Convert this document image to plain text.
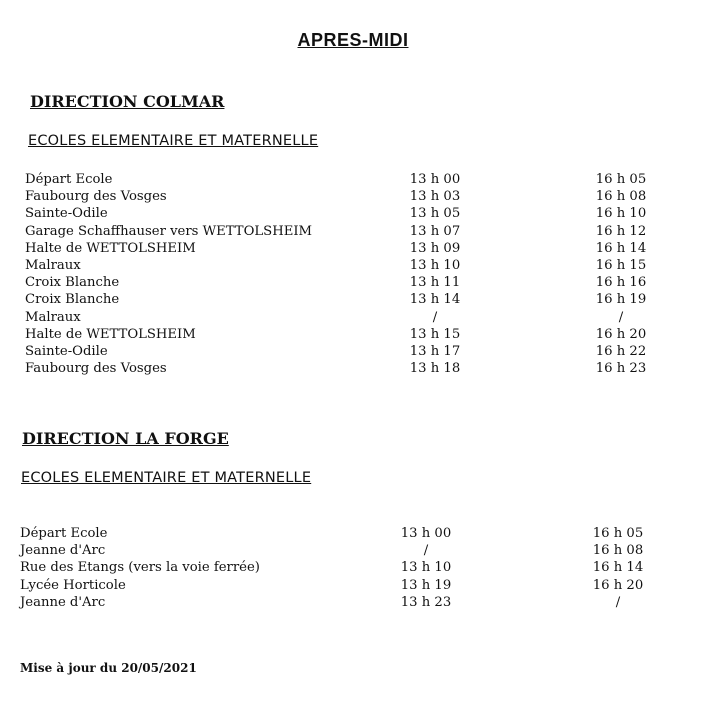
APRES-MIDI
DIRECTION COLMAR
ECOLES ELEMENTAIRE ET MATERNELLE
Départ Ecole	13 h 00	16 h 05
Faubourg des Vosges	13 h 03	16 h 08
Sainte-Odile	13 h 05	16 h 10
Garage Schaffhauser vers WETTOLSHEIM	13 h 07	16 h 12
Halte de WETTOLSHEIM	13 h 09	16 h 14
Malraux	13 h 10	16 h 15
Croix Blanche	13 h 11	16 h 16
Croix Blanche	13 h 14	16 h 19
Malraux	/	/
Halte de WETTOLSHEIM	13 h 15	16 h 20
Sainte-Odile	13 h 17	16 h 22
Faubourg des Vosges	13 h 18	16 h 23
DIRECTION LA FORGE
ECOLES ELEMENTAIRE ET MATERNELLE
Départ Ecole	13 h 00	16 h 05
Jeanne d'Arc	/	16 h 08
Rue des Etangs (vers la voie ferrée)	13 h 10	16 h 14
Lycée Horticole	13 h 19	16 h 20
Jeanne d'Arc	13 h 23	/
Mise à jour du 20/05/2021
